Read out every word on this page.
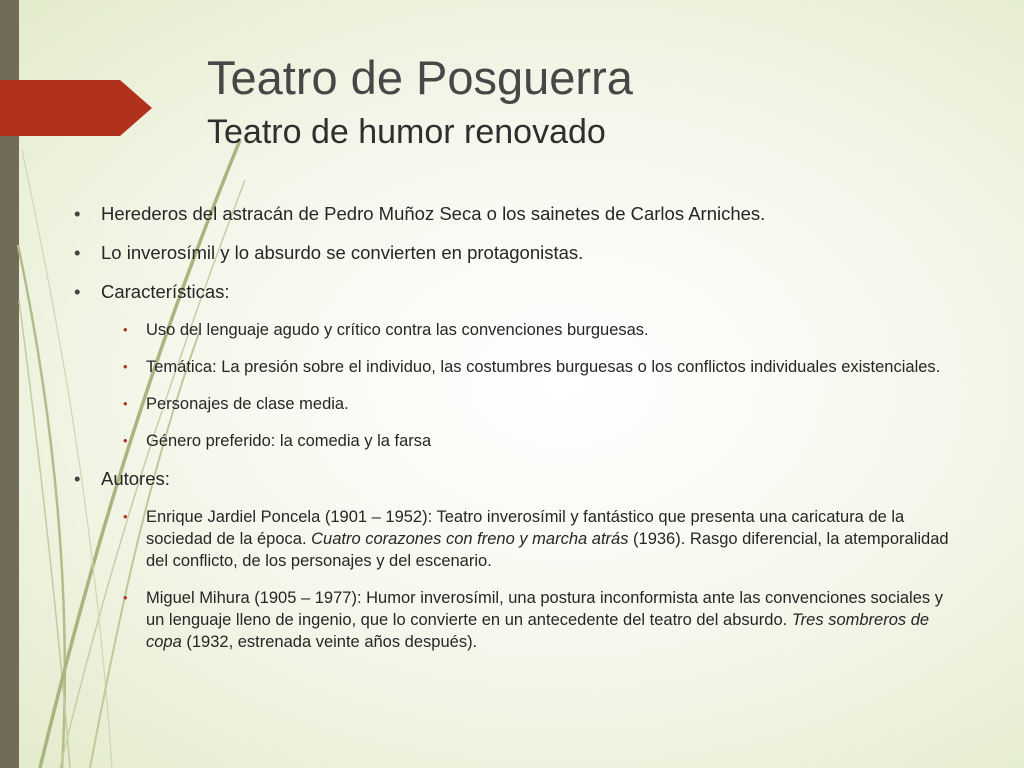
Teatro de Posguerra
Teatro de humor renovado
• Herederos del astracán de Pedro Muñoz Seca o los sainetes de Carlos Arniches.
• Lo inverosímil y lo absurdo se convierten en protagonistas.
• Características:
• Uso del lenguaje agudo y crítico contra las convenciones burguesas.
• Temática: La presión sobre el individuo, las costumbres burguesas o los conflictos individuales existenciales.
• Personajes de clase media.
• Género preferido: la comedia y la farsa
• Autores:
• Enrique Jardiel Poncela (1901 – 1952): Teatro inverosímil y fantástico que presenta una caricatura de la sociedad de la época. Cuatro corazones con freno y marcha atrás (1936). Rasgo diferencial, la atemporalidad del conflicto, de los personajes y del escenario.
• Miguel Mihura (1905 – 1977): Humor inverosímil, una postura inconformista ante las convenciones sociales y un lenguaje lleno de ingenio, que lo convierte en un antecedente del teatro del absurdo. Tres sombreros de copa (1932, estrenada veinte años después).
